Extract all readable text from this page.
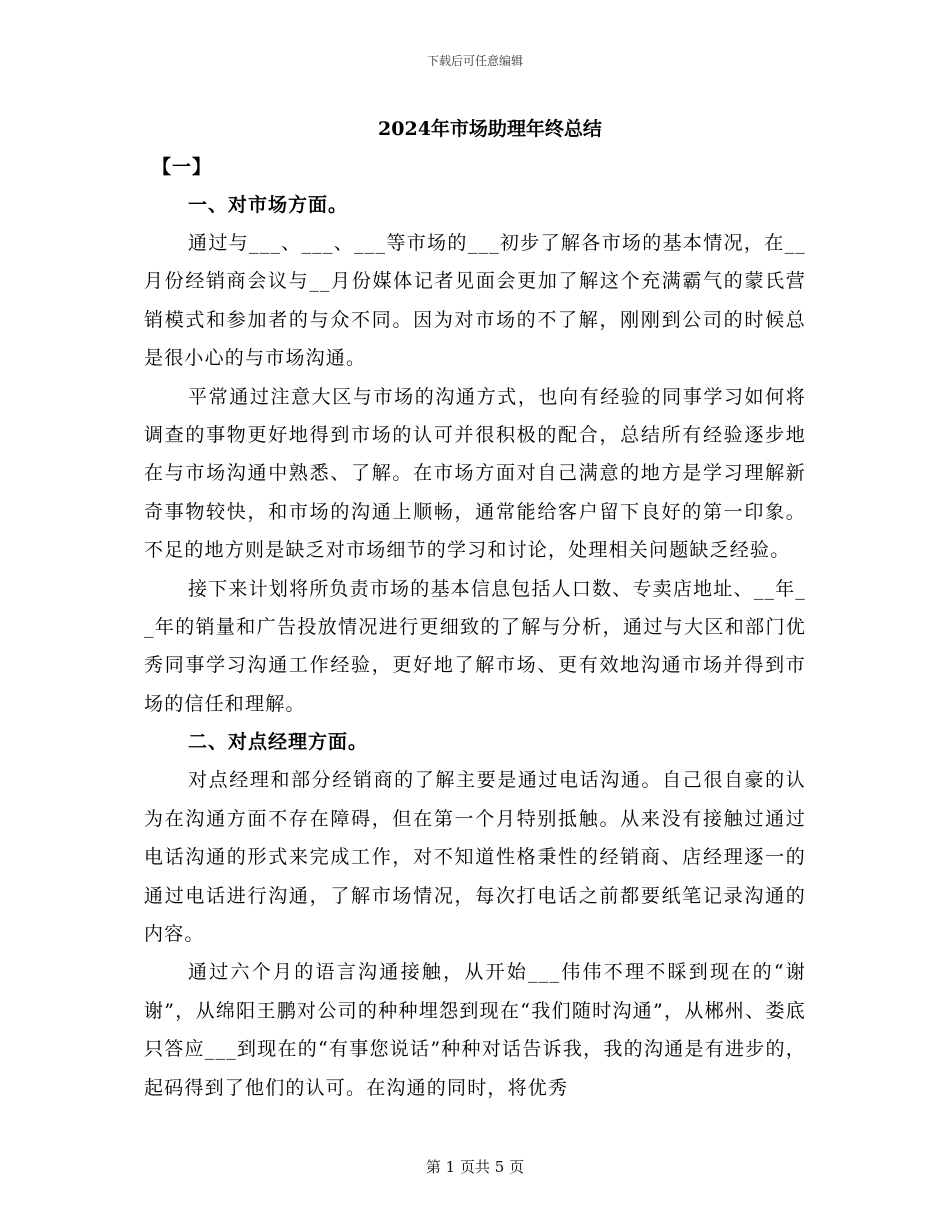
下载后可任意编辑
2024年市场助理年终总结
【一】
一、对市场方面。

通过与___、___、___等市场的___初步了解各市场的基本情况，在__月份经销商会议与__月份媒体记者见面会更加了解这个充满霸气的蒙氏营销模式和参加者的与众不同。因为对市场的不了解，刚刚到公司的时候总是很小心的与市场沟通。

平常通过注意大区与市场的沟通方式，也向有经验的同事学习如何将调查的事物更好地得到市场的认可并很积极的配合，总结所有经验逐步地在与市场沟通中熟悉、了解。在市场方面对自己满意的地方是学习理解新奇事物较快，和市场的沟通上顺畅，通常能给客户留下良好的第一印象。不足的地方则是缺乏对市场细节的学习和讨论，处理相关问题缺乏经验。

接下来计划将所负责市场的基本信息包括人口数、专卖店地址、__年__年的销量和广告投放情况进行更细致的了解与分析，通过与大区和部门优秀同事学习沟通工作经验，更好地了解市场、更有效地沟通市场并得到市场的信任和理解。

二、对点经理方面。

对点经理和部分经销商的了解主要是通过电话沟通。自己很自豪的认为在沟通方面不存在障碍，但在第一个月特别抵触。从来没有接触过通过电话沟通的形式来完成工作，对不知道性格秉性的经销商、店经理逐一的通过电话进行沟通，了解市场情况，每次打电话之前都要纸笔记录沟通的内容。

通过六个月的语言沟通接触，从开始___伟伟不理不睬到现在的“谢谢”，从绵阳王鹏对公司的种种埋怨到现在“我们随时沟通”，从郴州、娄底只答应___到现在的“有事您说话”种种对话告诉我，我的沟通是有进步的，起码得到了他们的认可。在沟通的同时，将优秀

第 1 页共 5 页
